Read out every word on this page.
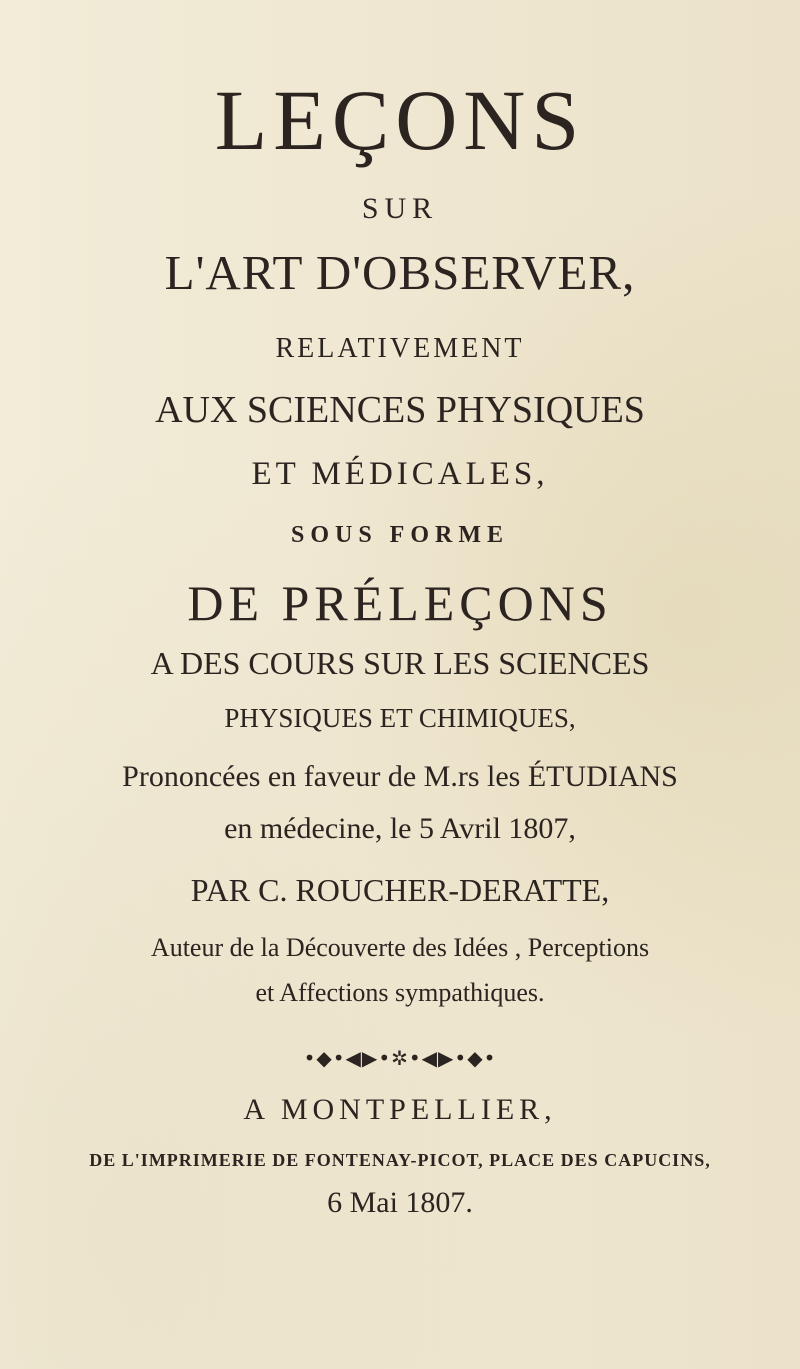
LEÇONS
SUR
L'ART D'OBSERVER,
RELATIVEMENT
AUX SCIENCES PHYSIQUES
ET MÉDICALES,
SOUS FORME
DE PRÉLEÇONS
A DES COURS SUR LES SCIENCES
PHYSIQUES ET CHIMIQUES,
Prononcées en faveur de M.rs les ÉTUDIANS
en médecine, le 5 Avril 1807,
PAR C. ROUCHER-DERATTE,
Auteur de la Découverte des Idées , Perceptions
et Affections sympathiques.
•◆•◀▶•✲•◀▶•◆•
A MONTPELLIER,
DE L'IMPRIMERIE DE FONTENAY-PICOT, PLACE DES CAPUCINS,
6 Mai 1807.
